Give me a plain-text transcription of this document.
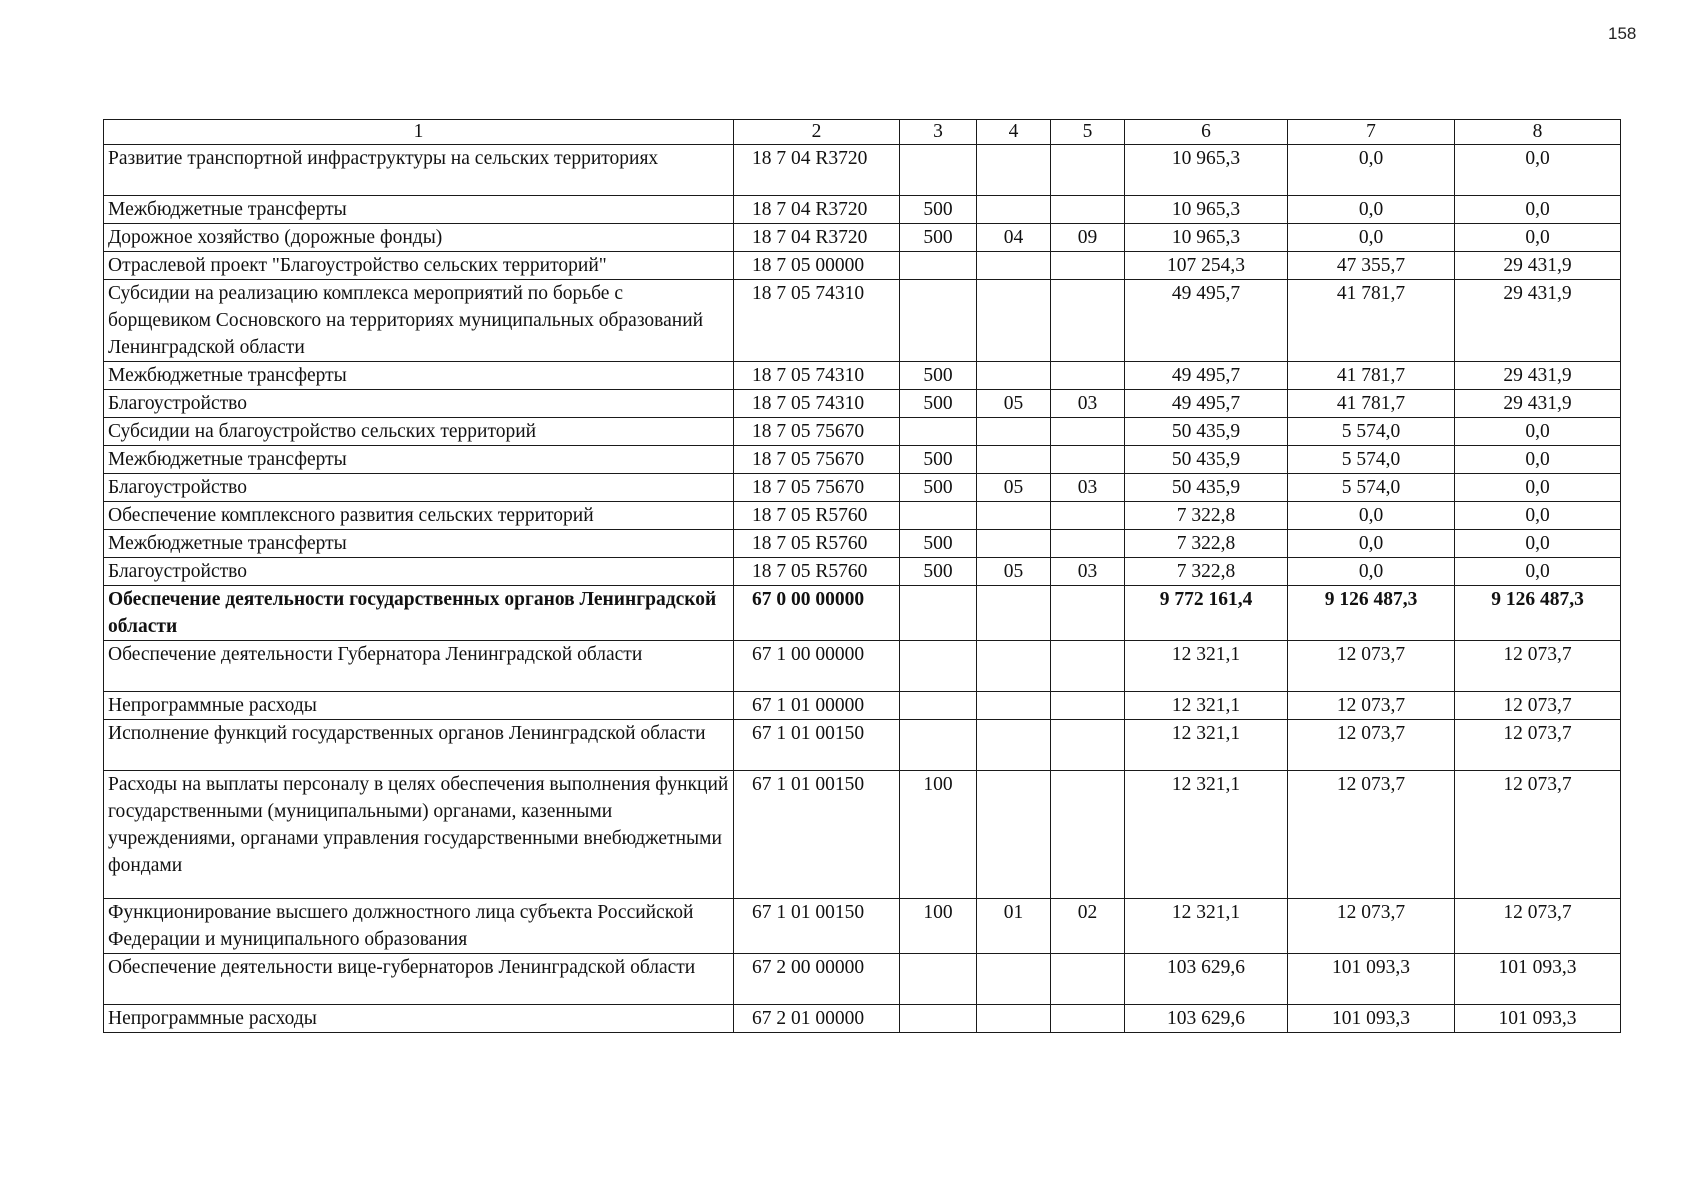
158
1	2	3	4	5	6	7	8
Развитие транспортной инфраструктуры на сельских территориях	18 7 04 R3720				10 965,3	0,0	0,0
Межбюджетные трансферты	18 7 04 R3720	500			10 965,3	0,0	0,0
Дорожное хозяйство (дорожные фонды)	18 7 04 R3720	500	04	09	10 965,3	0,0	0,0
Отраслевой проект "Благоустройство сельских территорий"	18 7 05 00000				107 254,3	47 355,7	29 431,9
Субсидии на реализацию комплекса мероприятий по борьбе с борщевиком Сосновского на территориях муниципальных образований Ленинградской области	18 7 05 74310				49 495,7	41 781,7	29 431,9
Межбюджетные трансферты	18 7 05 74310	500			49 495,7	41 781,7	29 431,9
Благоустройство	18 7 05 74310	500	05	03	49 495,7	41 781,7	29 431,9
Субсидии на благоустройство сельских территорий	18 7 05 75670				50 435,9	5 574,0	0,0
Межбюджетные трансферты	18 7 05 75670	500			50 435,9	5 574,0	0,0
Благоустройство	18 7 05 75670	500	05	03	50 435,9	5 574,0	0,0
Обеспечение комплексного развития сельских территорий	18 7 05 R5760				7 322,8	0,0	0,0
Межбюджетные трансферты	18 7 05 R5760	500			7 322,8	0,0	0,0
Благоустройство	18 7 05 R5760	500	05	03	7 322,8	0,0	0,0
Обеспечение деятельности государственных органов Ленинградской области	67 0 00 00000				9 772 161,4	9 126 487,3	9 126 487,3
Обеспечение деятельности Губернатора Ленинградской области	67 1 00 00000				12 321,1	12 073,7	12 073,7
Непрограммные расходы	67 1 01 00000				12 321,1	12 073,7	12 073,7
Исполнение функций государственных органов Ленинградской области	67 1 01 00150				12 321,1	12 073,7	12 073,7
Расходы на выплаты персоналу в целях обеспечения выполнения функций государственными (муниципальными) органами, казенными учреждениями, органами управления государственными внебюджетными фондами	67 1 01 00150	100			12 321,1	12 073,7	12 073,7
Функционирование высшего должностного лица субъекта Российской Федерации и муниципального образования	67 1 01 00150	100	01	02	12 321,1	12 073,7	12 073,7
Обеспечение деятельности вице-губернаторов Ленинградской области	67 2 00 00000				103 629,6	101 093,3	101 093,3
Непрограммные расходы	67 2 01 00000				103 629,6	101 093,3	101 093,3
